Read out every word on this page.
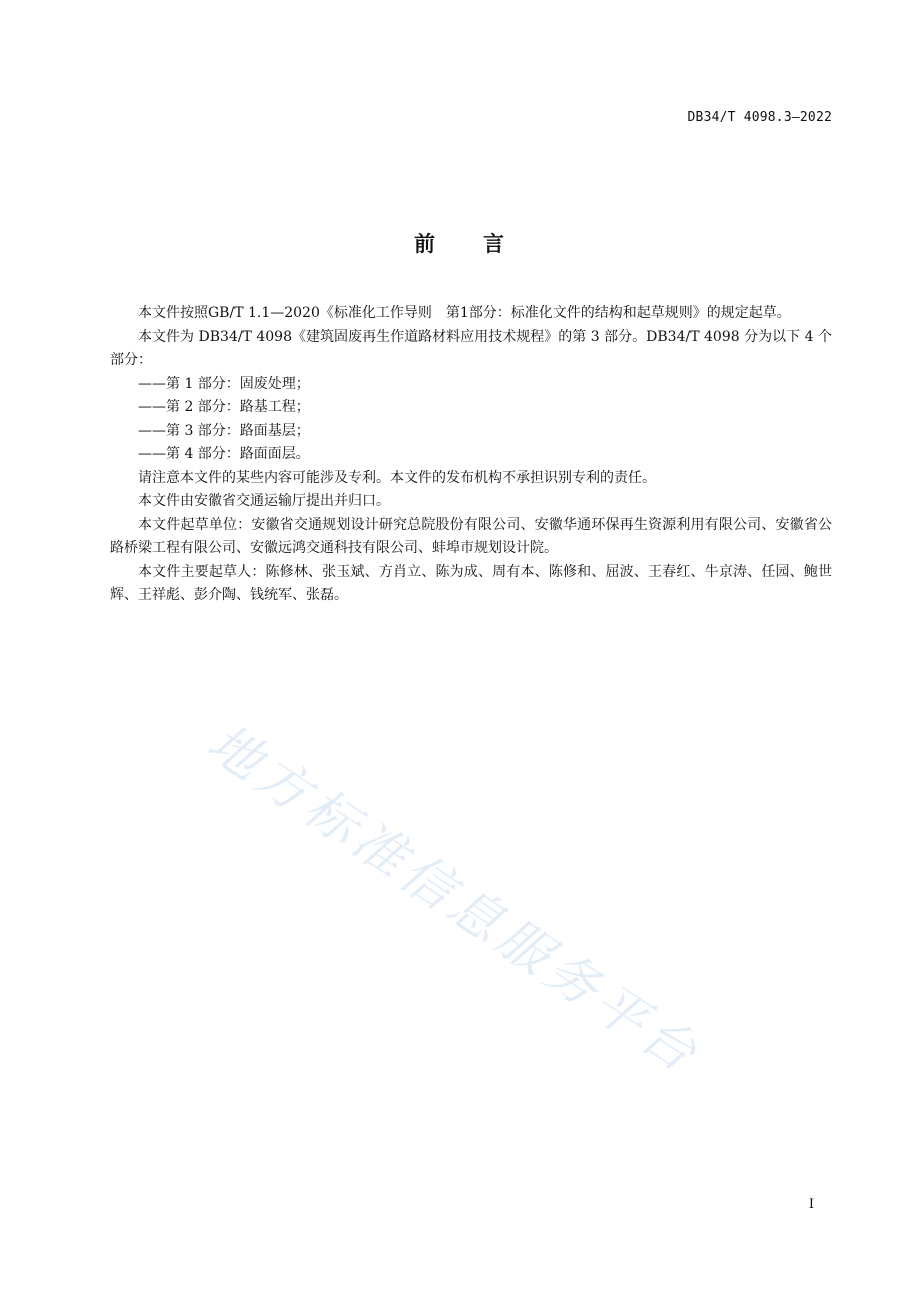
DB34/T 4098.3—2022
前 言

本文件按照GB/T 1.1—2020《标准化工作导则　第1部分：标准化文件的结构和起草规则》的规定起草。

本文件为 DB34/T 4098《建筑固废再生作道路材料应用技术规程》的第 3 部分。DB34/T 4098 分为以下 4 个部分：

——第 1 部分：固废处理；

——第 2 部分：路基工程；

——第 3 部分：路面基层；

——第 4 部分：路面面层。

请注意本文件的某些内容可能涉及专利。本文件的发布机构不承担识别专利的责任。

本文件由安徽省交通运输厅提出并归口。

本文件起草单位：安徽省交通规划设计研究总院股份有限公司、安徽华通环保再生资源利用有限公司、安徽省公路桥梁工程有限公司、安徽远鸿交通科技有限公司、蚌埠市规划设计院。

本文件主要起草人：陈修林、张玉斌、方肖立、陈为成、周有本、陈修和、屈波、王春红、牛京涛、任园、鲍世辉、王祥彪、彭介陶、钱统军、张磊。

地方标准信息服务平台
I
